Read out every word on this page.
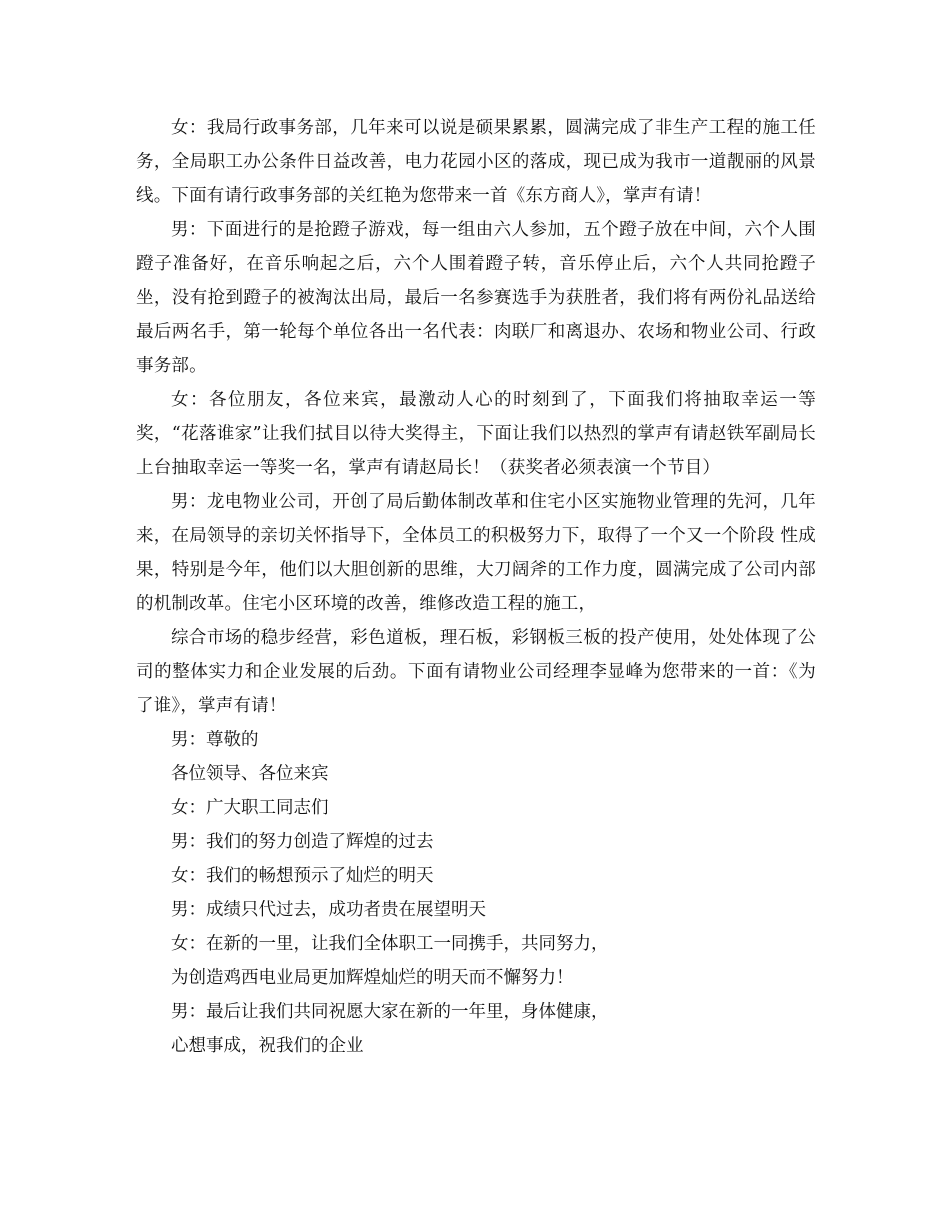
女：我局行政事务部，几年来可以说是硕果累累，圆满完成了非生产工程的施工任务，全局职工办公条件日益改善，电力花园小区的落成，现已成为我市一道靓丽的风景线。下面有请行政事务部的关红艳为您带来一首《东方商人》，掌声有请！

男：下面进行的是抢蹬子游戏，每一组由六人参加，五个蹬子放在中间，六个人围蹬子准备好，在音乐响起之后，六个人围着蹬子转，音乐停止后，六个人共同抢蹬子坐，没有抢到蹬子的被淘汰出局，最后一名参赛选手为获胜者，我们将有两份礼品送给最后两名手，第一轮每个单位各出一名代表：肉联厂和离退办、农场和物业公司、行政事务部。

女：各位朋友，各位来宾，最激动人心的时刻到了，下面我们将抽取幸运一等奖，“花落谁家”让我们拭目以待大奖得主，下面让我们以热烈的掌声有请赵铁军副局长上台抽取幸运一等奖一名，掌声有请赵局长！（获奖者必须表演一个节目）

男：龙电物业公司，开创了局后勤体制改革和住宅小区实施物业管理的先河，几年来，在局领导的亲切关怀指导下，全体员工的积极努力下，取得了一个又一个阶段 性成果，特别是今年，他们以大胆创新的思维，大刀阔斧的工作力度，圆满完成了公司内部的机制改革。住宅小区环境的改善，维修改造工程的施工，

综合市场的稳步经营，彩色道板，理石板，彩钢板三板的投产使用，处处体现了公司的整体实力和企业发展的后劲。下面有请物业公司经理李显峰为您带来的一首：《为了谁》，掌声有请！

男：尊敬的

各位领导、各位来宾

女：广大职工同志们

男：我们的努力创造了辉煌的过去

女：我们的畅想预示了灿烂的明天

男：成绩只代过去，成功者贵在展望明天

女：在新的一里，让我们全体职工一同携手，共同努力，

为创造鸡西电业局更加辉煌灿烂的明天而不懈努力！

男：最后让我们共同祝愿大家在新的一年里，身体健康，

心想事成，祝我们的企业
